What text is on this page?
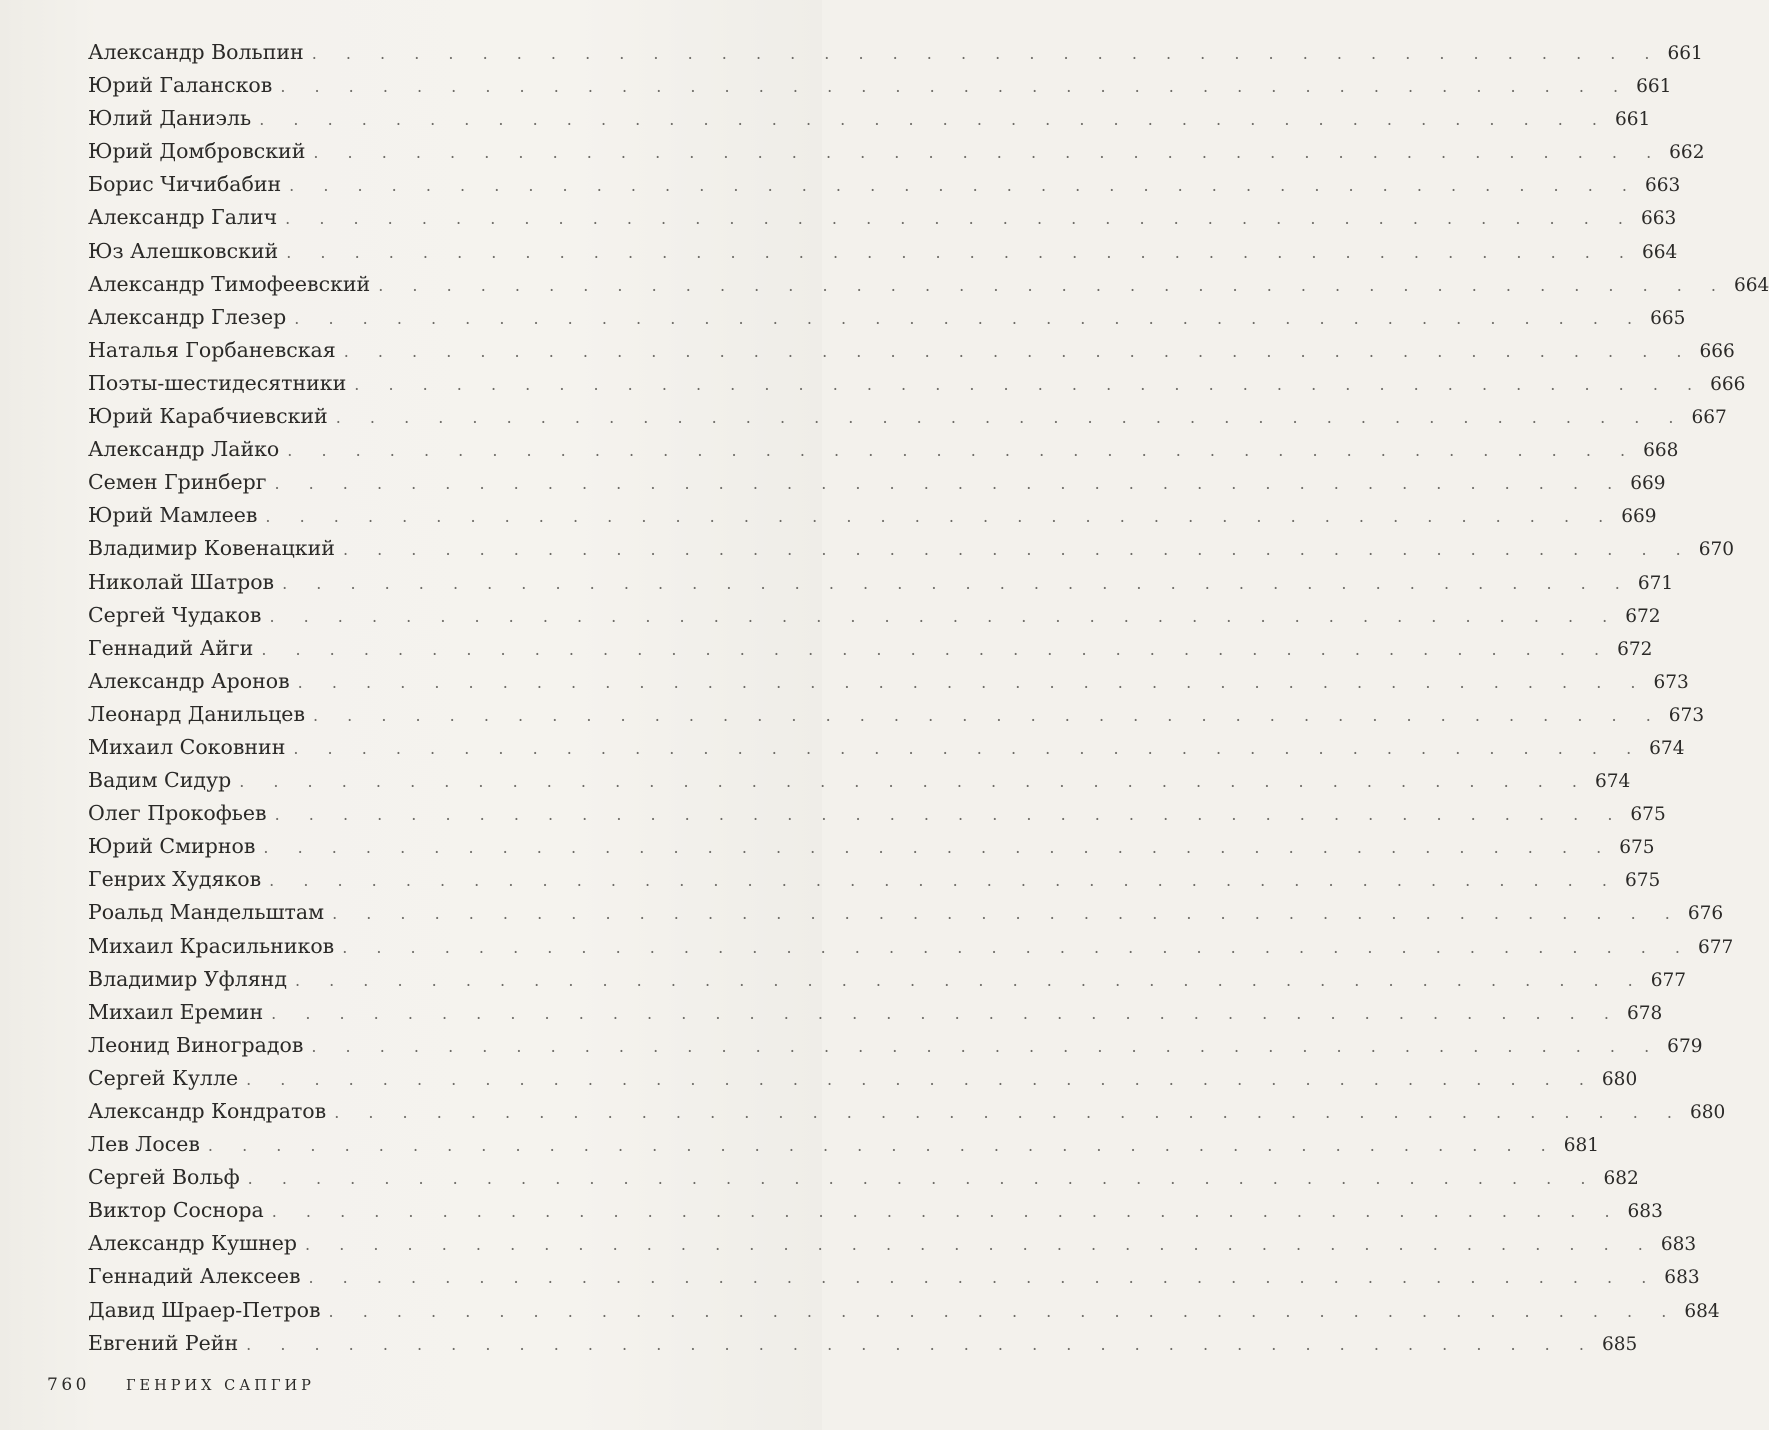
Александр Вольпин . . . . . . . . . . . . . . . . . . . . . . . . . . . . . . . . . . . . . . . . 661
Юрий Галансков . . . . . . . . . . . . . . . . . . . . . . . . . . . . . . . . . . . . . . . . 661
Юлий Даниэль . . . . . . . . . . . . . . . . . . . . . . . . . . . . . . . . . . . . . . . . 661
Юрий Домбровский . . . . . . . . . . . . . . . . . . . . . . . . . . . . . . . . . . . . . . . . 662
Борис Чичибабин . . . . . . . . . . . . . . . . . . . . . . . . . . . . . . . . . . . . . . . . 663
Александр Галич . . . . . . . . . . . . . . . . . . . . . . . . . . . . . . . . . . . . . . . . 663
Юз Алешковский . . . . . . . . . . . . . . . . . . . . . . . . . . . . . . . . . . . . . . . . 664
Александр Тимофеевский . . . . . . . . . . . . . . . . . . . . . . . . . . . . . . . . . . . . . . . . 664
Александр Глезер . . . . . . . . . . . . . . . . . . . . . . . . . . . . . . . . . . . . . . . . 665
Наталья Горбаневская . . . . . . . . . . . . . . . . . . . . . . . . . . . . . . . . . . . . . . . . 666
Поэты-шестидесятники . . . . . . . . . . . . . . . . . . . . . . . . . . . . . . . . . . . . . . . . 666
Юрий Карабчиевский . . . . . . . . . . . . . . . . . . . . . . . . . . . . . . . . . . . . . . . . 667
Александр Лайко . . . . . . . . . . . . . . . . . . . . . . . . . . . . . . . . . . . . . . . . 668
Семен Гринберг . . . . . . . . . . . . . . . . . . . . . . . . . . . . . . . . . . . . . . . . 669
Юрий Мамлеев . . . . . . . . . . . . . . . . . . . . . . . . . . . . . . . . . . . . . . . . 669
Владимир Ковенацкий . . . . . . . . . . . . . . . . . . . . . . . . . . . . . . . . . . . . . . . . 670
Николай Шатров . . . . . . . . . . . . . . . . . . . . . . . . . . . . . . . . . . . . . . . . 671
Сергей Чудаков . . . . . . . . . . . . . . . . . . . . . . . . . . . . . . . . . . . . . . . . 672
Геннадий Айги . . . . . . . . . . . . . . . . . . . . . . . . . . . . . . . . . . . . . . . . 672
Александр Аронов . . . . . . . . . . . . . . . . . . . . . . . . . . . . . . . . . . . . . . . . 673
Леонард Данильцев . . . . . . . . . . . . . . . . . . . . . . . . . . . . . . . . . . . . . . . . 673
Михаил Соковнин . . . . . . . . . . . . . . . . . . . . . . . . . . . . . . . . . . . . . . . . 674
Вадим Сидур . . . . . . . . . . . . . . . . . . . . . . . . . . . . . . . . . . . . . . . . 674
Олег Прокофьев . . . . . . . . . . . . . . . . . . . . . . . . . . . . . . . . . . . . . . . . 675
Юрий Смирнов . . . . . . . . . . . . . . . . . . . . . . . . . . . . . . . . . . . . . . . . 675
Генрих Худяков . . . . . . . . . . . . . . . . . . . . . . . . . . . . . . . . . . . . . . . . 675
Роальд Мандельштам . . . . . . . . . . . . . . . . . . . . . . . . . . . . . . . . . . . . . . . . 676
Михаил Красильников . . . . . . . . . . . . . . . . . . . . . . . . . . . . . . . . . . . . . . . . 677
Владимир Уфлянд . . . . . . . . . . . . . . . . . . . . . . . . . . . . . . . . . . . . . . . . 677
Михаил Еремин . . . . . . . . . . . . . . . . . . . . . . . . . . . . . . . . . . . . . . . . 678
Леонид Виноградов . . . . . . . . . . . . . . . . . . . . . . . . . . . . . . . . . . . . . . . . 679
Сергей Кулле . . . . . . . . . . . . . . . . . . . . . . . . . . . . . . . . . . . . . . . . 680
Александр Кондратов . . . . . . . . . . . . . . . . . . . . . . . . . . . . . . . . . . . . . . . . 680
Лев Лосев . . . . . . . . . . . . . . . . . . . . . . . . . . . . . . . . . . . . . . . . 681
Сергей Вольф . . . . . . . . . . . . . . . . . . . . . . . . . . . . . . . . . . . . . . . . 682
Виктор Соснора . . . . . . . . . . . . . . . . . . . . . . . . . . . . . . . . . . . . . . . . 683
Александр Кушнер . . . . . . . . . . . . . . . . . . . . . . . . . . . . . . . . . . . . . . . . 683
Геннадий Алексеев . . . . . . . . . . . . . . . . . . . . . . . . . . . . . . . . . . . . . . . . 683
Давид Шраер-Петров . . . . . . . . . . . . . . . . . . . . . . . . . . . . . . . . . . . . . . . . 684
Евгений Рейн . . . . . . . . . . . . . . . . . . . . . . . . . . . . . . . . . . . . . . . . 685
760 ГЕНРИХ САПГИР
